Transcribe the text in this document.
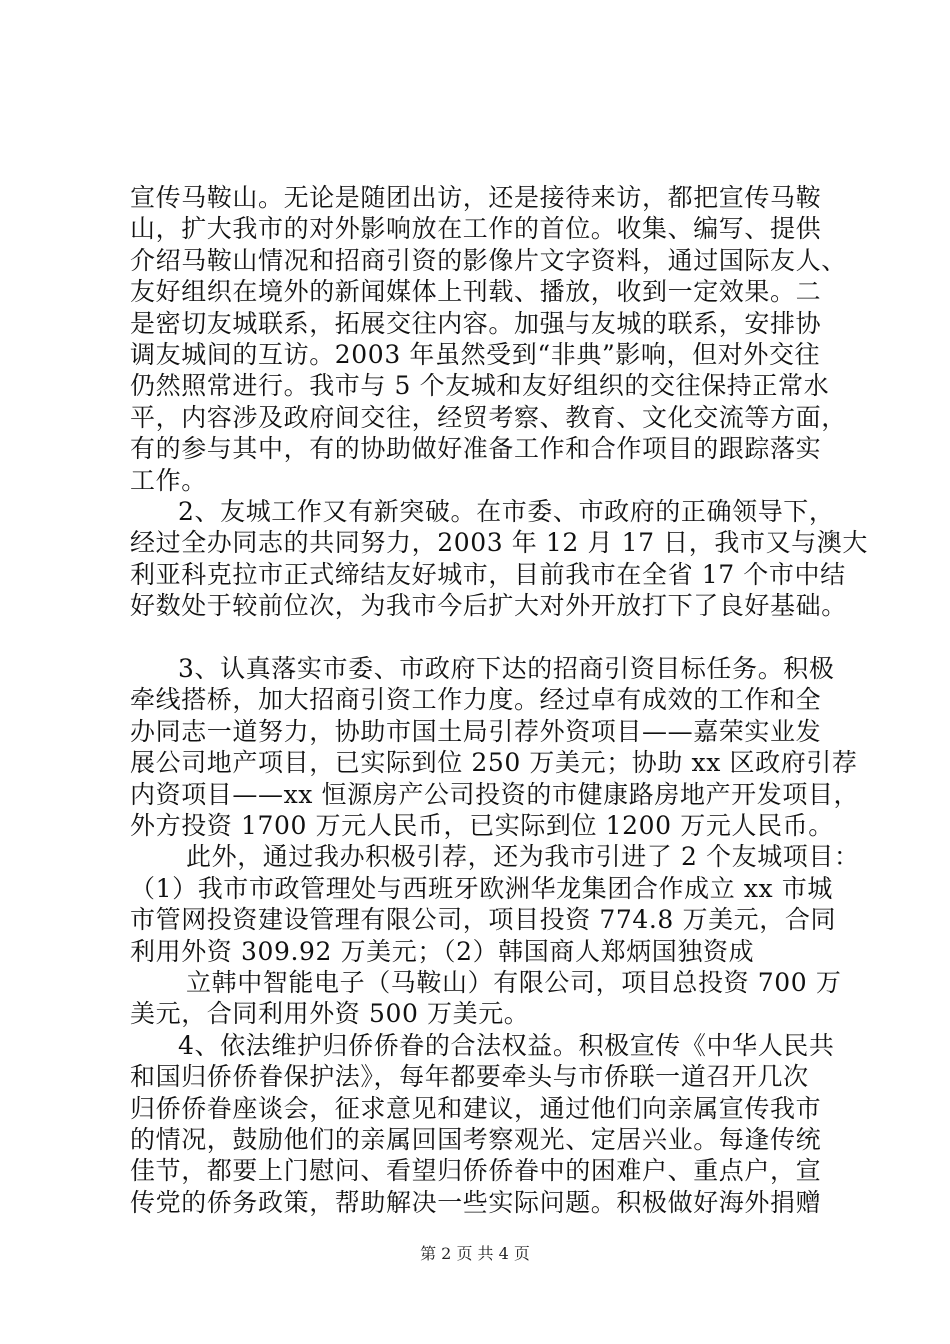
宣传马鞍山。无论是随团出访，还是接待来访，都把宣传马鞍
山，扩大我市的对外影响放在工作的首位。收集、编写、提供
介绍马鞍山情况和招商引资的影像片文字资料，通过国际友人、
友好组织在境外的新闻媒体上刊载、播放，收到一定效果。二
是密切友城联系，拓展交往内容。加强与友城的联系，安排协
调友城间的互访。2003 年虽然受到“非典”影响，但对外交往
仍然照常进行。我市与 5 个友城和友好组织的交往保持正常水
平，内容涉及政府间交往，经贸考察、教育、文化交流等方面，
有的参与其中，有的协助做好准备工作和合作项目的跟踪落实
工作。
2、友城工作又有新突破。在市委、市政府的正确领导下，
经过全办同志的共同努力，2003 年 12 月 17 日，我市又与澳大
利亚科克拉市正式缔结友好城市，目前我市在全省 17 个市中结
好数处于较前位次，为我市今后扩大对外开放打下了良好基础。
3、认真落实市委、市政府下达的招商引资目标任务。积极
牵线搭桥，加大招商引资工作力度。经过卓有成效的工作和全
办同志一道努力，协助市国土局引荐外资项目——嘉荣实业发
展公司地产项目，已实际到位 250 万美元；协助 xx 区政府引荐
内资项目——xx 恒源房产公司投资的市健康路房地产开发项目，
外方投资 1700 万元人民币，已实际到位 1200 万元人民币。
此外，通过我办积极引荐，还为我市引进了 2 个友城项目：
（1）我市市政管理处与西班牙欧洲华龙集团合作成立 xx 市城
市管网投资建设管理有限公司，项目投资 774.8 万美元，合同
利用外资 309.92 万美元；（2）韩国商人郑炳国独资成
立韩中智能电子（马鞍山）有限公司，项目总投资 700 万
美元，合同利用外资 500 万美元。
4、依法维护归侨侨眷的合法权益。积极宣传《中华人民共
和国归侨侨眷保护法》，每年都要牵头与市侨联一道召开几次
归侨侨眷座谈会，征求意见和建议，通过他们向亲属宣传我市
的情况，鼓励他们的亲属回国考察观光、定居兴业。每逢传统
佳节，都要上门慰问、看望归侨侨眷中的困难户、重点户，宣
传党的侨务政策，帮助解决一些实际问题。积极做好海外捐赠
第 2 页 共 4 页
